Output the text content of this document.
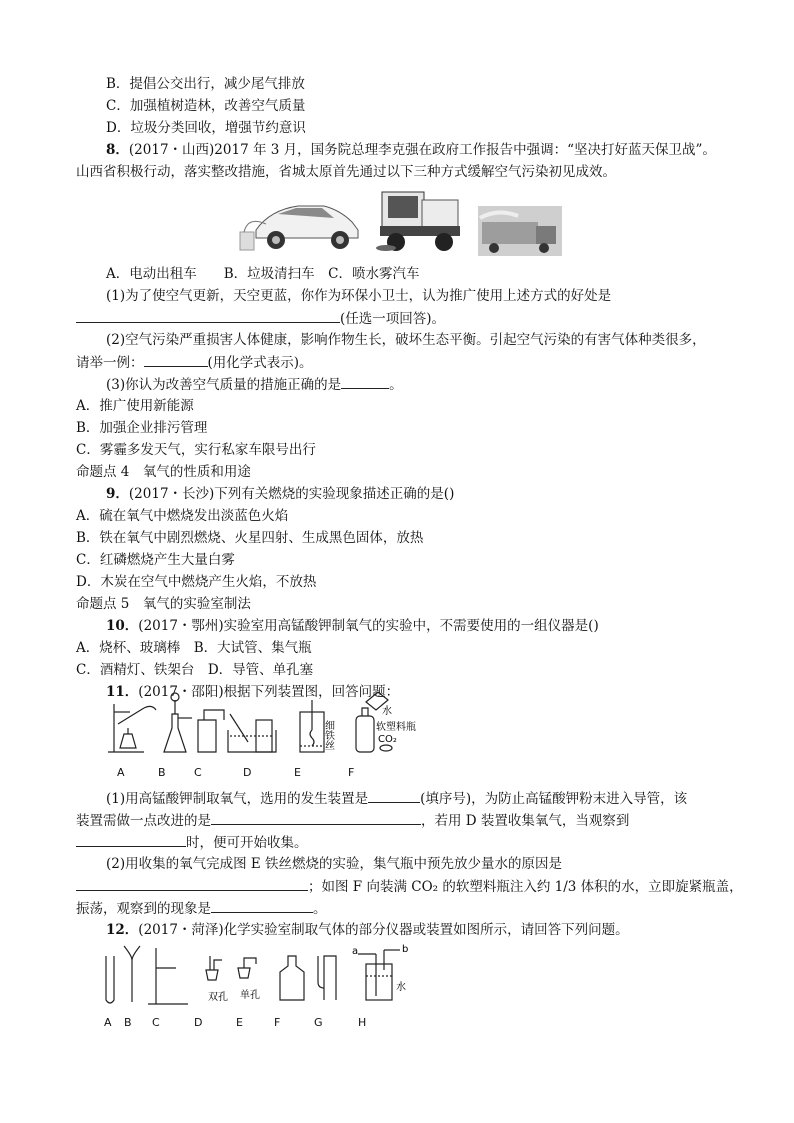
B．提倡公交出行，减少尾气排放
C．加强植树造林，改善空气质量
D．垃圾分类回收，增强节约意识
8．(2017・山西)2017 年 3 月，国务院总理李克强在政府工作报告中强调：“坚决打好蓝天保卫战”。
山西省积极行动，落实整改措施，省城太原首先通过以下三种方式缓解空气污染初见成效。
A．电动出租车　　B．垃圾清扫车　C．喷水雾汽车
(1)为了使空气更新，天空更蓝，你作为环保小卫士，认为推广使用上述方式的好处是
(任选一项回答)。
(2)空气污染严重损害人体健康，影响作物生长，破坏生态平衡。引起空气污染的有害气体种类很多，
请举一例：	(用化学式表示)。
(3)你认为改善空气质量的措施正确的是	。
A．推广使用新能源
B．加强企业排污管理
C．雾霾多发天气，实行私家车限号出行
命题点 4　氧气的性质和用途
9．(2017・长沙)下列有关燃烧的实验现象描述正确的是()
A．硫在氧气中燃烧发出淡蓝色火焰
B．铁在氧气中剧烈燃烧、火星四射、生成黑色固体，放热
C．红磷燃烧产生大量白雾
D．木炭在空气中燃烧产生火焰，不放热
命题点 5　氧气的实验室制法
10．(2017・鄂州)实验室用高锰酸钾制氧气的实验中，不需要使用的一组仪器是()
A．烧杯、玻璃棒　B．大试管、集气瓶
C．酒精灯、铁架台　D．导管、单孔塞
11．(2017・邵阳)根据下列装置图，回答问题：
细铁丝
水
软塑料瓶
CO₂
A	B	C	D	E	F
(1)用高锰酸钾制取氧气，选用的发生装置是	(填序号)，为防止高锰酸钾粉末进入导管，该
装置需做一点改进的是	，若用 D 装置收集氧气，当观察到
时，便可开始收集。
(2)用收集的氧气完成图 E 铁丝燃烧的实验，集气瓶中预先放少量水的原因是
；如图 F 向装满 CO₂ 的软塑料瓶注入约 1/3 体积的水，立即旋紧瓶盖，
振荡，观察到的现象是	。
12．(2017・菏泽)化学实验室制取气体的部分仪器或装置如图所示，请回答下列问题。
双孔 单孔
a	b
水
A B C	D	E	F	G	H
